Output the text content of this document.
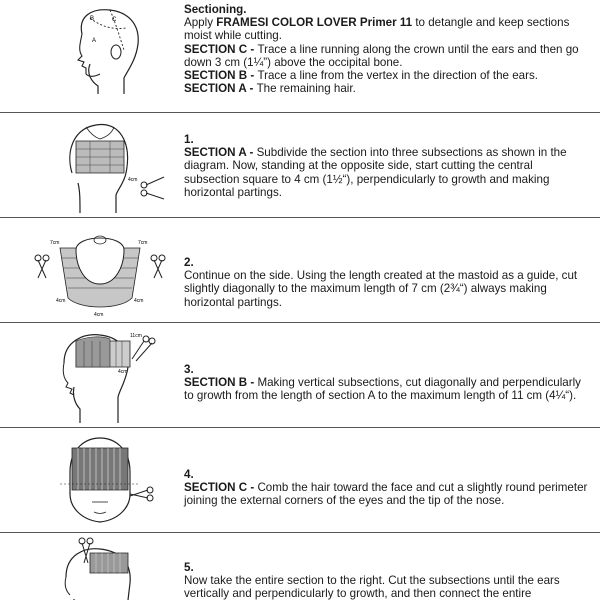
B	C
A

Sectioning.

Apply FRAMESI COLOR LOVER Primer 11 to detangle and keep sections moist while cutting.

SECTION C - Trace a line running along the crown until the ears and then go down 3 cm (1¼”) above the occipital bone.

SECTION B - Trace a line from the vertex in the direction of the ears.

SECTION A - The remaining hair.

4cm

1.

SECTION A - Subdivide the section into three subsections as shown in the diagram. Now, standing at the opposite side, start cutting the central subsection square to 4 cm (1½“), perpendicularly to growth and making horizontal partings.

7cm	7cm
4cm	4cm
4cm

2.

Continue on the side. Using the length created at the mastoid as a guide, cut slightly diagonally to the maximum length of 7 cm (2¾“) always making horizontal partings.

11cm
4cm	3.

SECTION B - Making vertical subsections, cut diagonally and perpendicularly to growth from the length of section A to the maximum length of 11 cm (4¼“).

4.

SECTION C - Comb the hair toward the face and cut a slightly round perimeter joining the external corners of the eyes and the tip of the nose.

5.

Now take the entire section to the right. Cut the subsections until the ears vertically and perpendicularly to growth, and then connect the entire
